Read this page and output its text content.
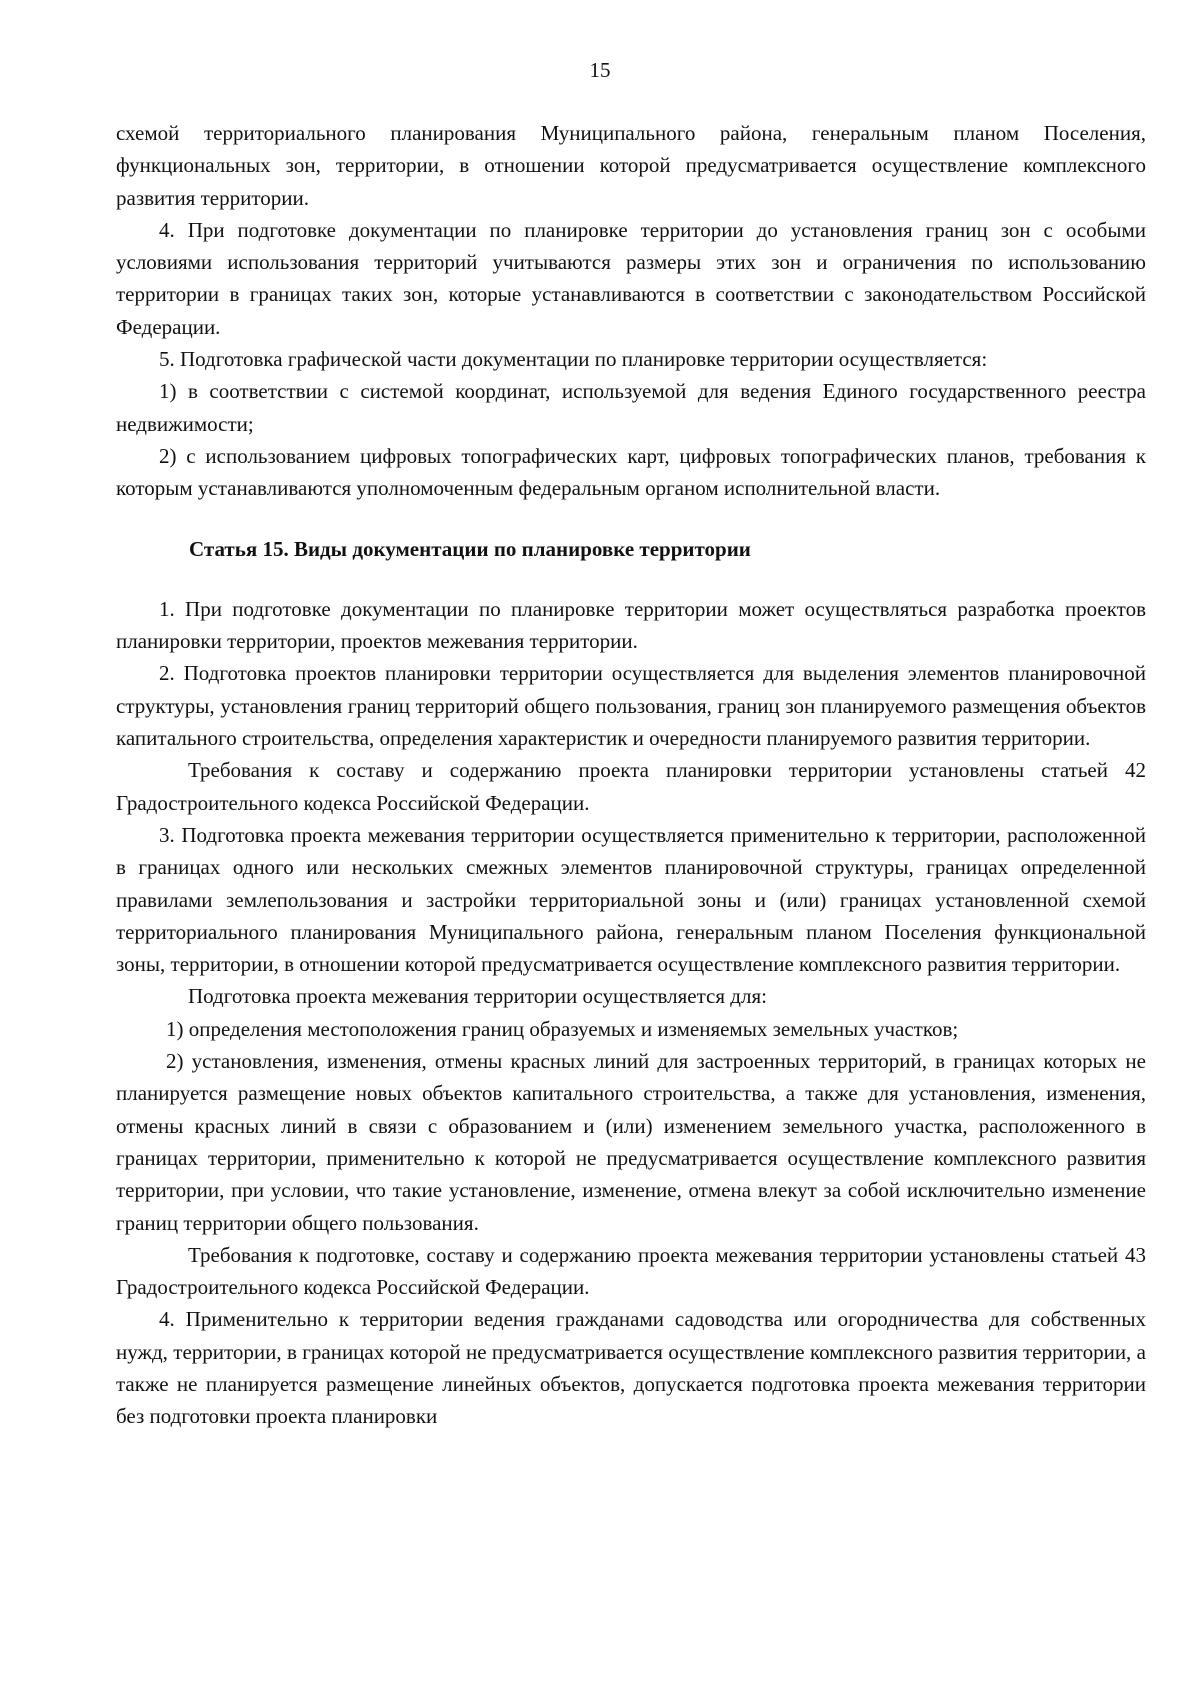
15

схемой территориального планирования Муниципального района, генеральным планом Поселения, функциональных зон, территории, в отношении которой предусматривается осуществление комплексного развития территории.

4. При подготовке документации по планировке территории до установления границ зон с особыми условиями использования территорий учитываются размеры этих зон и ограничения по использованию территории в границах таких зон, которые устанавливаются в соответствии с законодательством Российской Федерации.

5. Подготовка графической части документации по планировке территории осуществляется:

1) в соответствии с системой координат, используемой для ведения Единого государственного реестра недвижимости;

2) с использованием цифровых топографических карт, цифровых топографических планов, требования к которым устанавливаются уполномоченным федеральным органом исполнительной власти.

Статья 15. Виды документации по планировке территории

1. При подготовке документации по планировке территории может осуществляться разработка проектов планировки территории, проектов межевания территории.

2. Подготовка проектов планировки территории осуществляется для выделения элементов планировочной структуры, установления границ территорий общего пользования, границ зон планируемого размещения объектов капитального строительства, определения характеристик и очередности планируемого развития территории.

Требования к составу и содержанию проекта планировки территории установлены статьей 42 Градостроительного кодекса Российской Федерации.

3. Подготовка проекта межевания территории осуществляется применительно к территории, расположенной в границах одного или нескольких смежных элементов планировочной структуры, границах определенной правилами землепользования и застройки территориальной зоны и (или) границах установленной схемой территориального планирования Муниципального района, генеральным планом Поселения функциональной зоны, территории, в отношении которой предусматривается осуществление комплексного развития территории.

Подготовка проекта межевания территории осуществляется для:

1) определения местоположения границ образуемых и изменяемых земельных участков;

2) установления, изменения, отмены красных линий для застроенных территорий, в границах которых не планируется размещение новых объектов капитального строительства, а также для установления, изменения, отмены красных линий в связи с образованием и (или) изменением земельного участка, расположенного в границах территории, применительно к которой не предусматривается осуществление комплексного развития территории, при условии, что такие установление, изменение, отмена влекут за собой исключительно изменение границ территории общего пользования.

Требования к подготовке, составу и содержанию проекта межевания территории установлены статьей 43 Градостроительного кодекса Российской Федерации.

4. Применительно к территории ведения гражданами садоводства или огородничества для собственных нужд, территории, в границах которой не предусматривается осуществление комплексного развития территории, а также не планируется размещение линейных объектов, допускается подготовка проекта межевания территории без подготовки проекта планировки
